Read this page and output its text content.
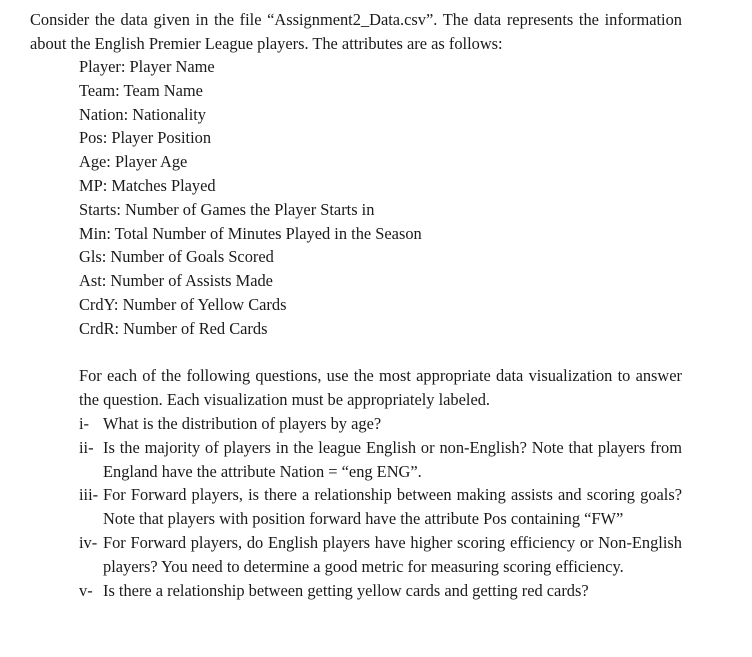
Consider the data given in the file “Assignment2_Data.csv”. The data represents the information about the English Premier League players. The attributes are as follows:

Player: Player Name
Team: Team Name
Nation: Nationality
Pos: Player Position
Age: Player Age
MP: Matches Played
Starts: Number of Games the Player Starts in
Min: Total Number of Minutes Played in the Season
Gls: Number of Goals Scored
Ast: Number of Assists Made
CrdY: Number of Yellow Cards
CrdR: Number of Red Cards

For each of the following questions, use the most appropriate data visualization to answer the question. Each visualization must be appropriately labeled.

i- What is the distribution of players by age?
ii- Is the majority of players in the league English or non-English? Note that players from England have the attribute Nation = “eng ENG”.
iii- For Forward players, is there a relationship between making assists and scoring goals? Note that players with position forward have the attribute Pos containing “FW”
iv- For Forward players, do English players have higher scoring efficiency or Non-English players? You need to determine a good metric for measuring scoring efficiency.
v- Is there a relationship between getting yellow cards and getting red cards?
